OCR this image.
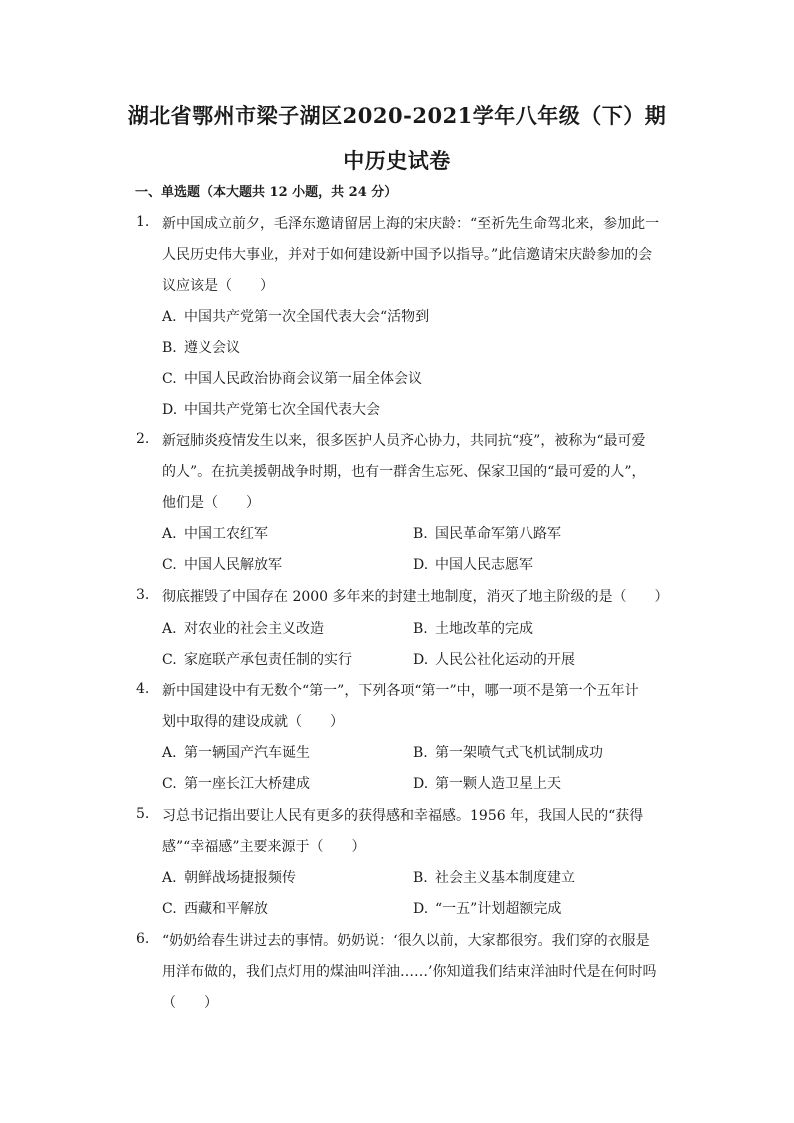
湖北省鄂州市梁子湖区2020-2021学年八年级（下）期
中历史试卷
一、单选题（本大题共 12 小题，共 24 分）
1. 新中国成立前夕，毛泽东邀请留居上海的宋庆龄：“至祈先生命驾北来，参加此一
人民历史伟大事业，并对于如何建设新中国予以指导。”此信邀请宋庆龄参加的会
议应该是（　　）
A. 中国共产党第一次全国代表大会“活物到
B. 遵义会议
C. 中国人民政治协商会议第一届全体会议
D. 中国共产党第七次全国代表大会
2. 新冠肺炎疫情发生以来，很多医护人员齐心协力，共同抗“疫”，被称为“最可爱
的人”。在抗美援朝战争时期，也有一群舍生忘死、保家卫国的“最可爱的人”，
他们是（　　）
A. 中国工农红军	B. 国民革命军第八路军
C. 中国人民解放军	D. 中国人民志愿军
3. 彻底摧毁了中国存在 2000 多年来的封建土地制度，消灭了地主阶级的是（　　）
A. 对农业的社会主义改造	B. 土地改革的完成
C. 家庭联产承包责任制的实行	D. 人民公社化运动的开展
4. 新中国建设中有无数个“第一”，下列各项“第一”中，哪一项不是第一个五年计
划中取得的建设成就（　　）
A. 第一辆国产汽车诞生	B. 第一架喷气式飞机试制成功
C. 第一座长江大桥建成	D. 第一颗人造卫星上天
5. 习总书记指出要让人民有更多的获得感和幸福感。1956 年，我国人民的“获得
感”“幸福感”主要来源于（　　）
A. 朝鲜战场捷报频传	B. 社会主义基本制度建立
C. 西藏和平解放	D. “一五”计划超额完成
6. “奶奶给春生讲过去的事情。奶奶说：‘很久以前，大家都很穷。我们穿的衣服是
用洋布做的，我们点灯用的煤油叫洋油……’你知道我们结束洋油时代是在何时吗
（　　）
